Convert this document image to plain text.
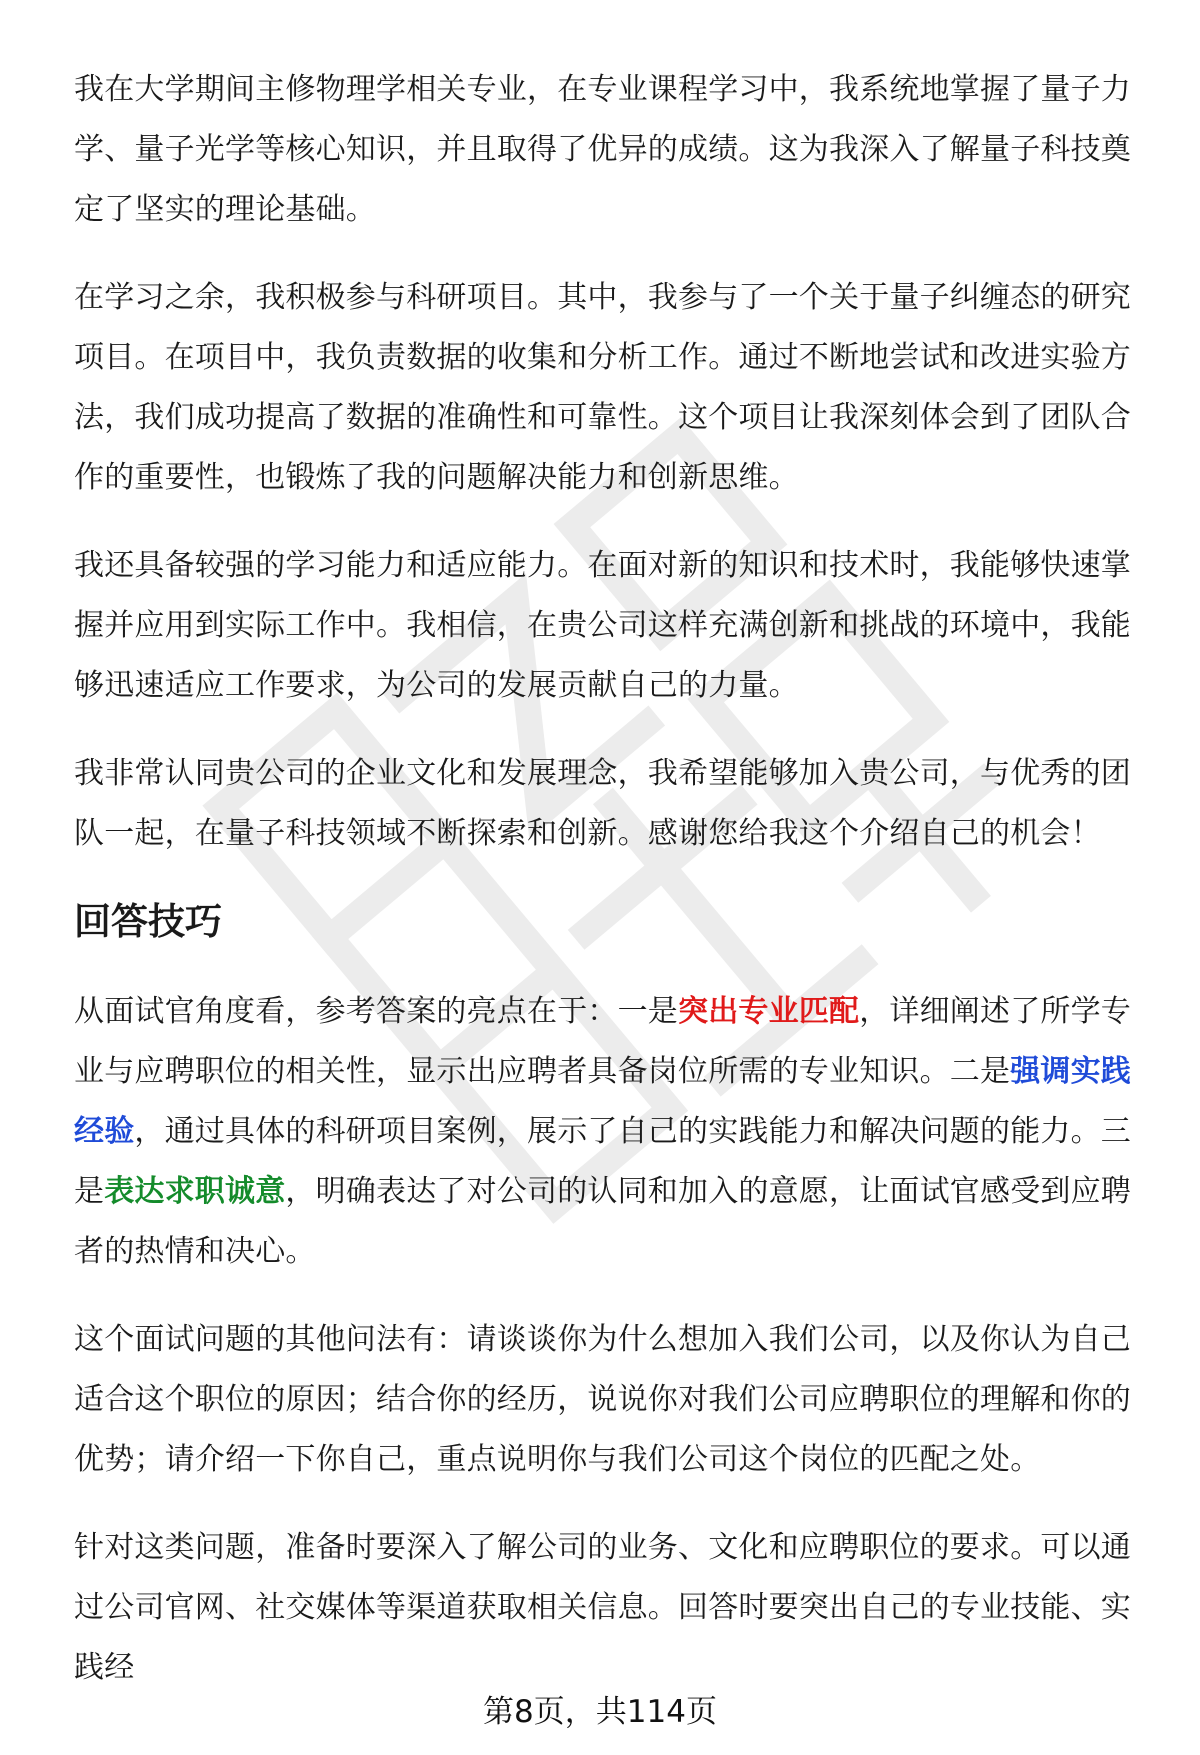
我在大学期间主修物理学相关专业，在专业课程学习中，我系统地掌握了量子力学、量子光学等核心知识，并且取得了优异的成绩。这为我深入了解量子科技奠定了坚实的理论基础。

在学习之余，我积极参与科研项目。其中，我参与了一个关于量子纠缠态的研究项目。在项目中，我负责数据的收集和分析工作。通过不断地尝试和改进实验方法，我们成功提高了数据的准确性和可靠性。这个项目让我深刻体会到了团队合作的重要性，也锻炼了我的问题解决能力和创新思维。

我还具备较强的学习能力和适应能力。在面对新的知识和技术时，我能够快速掌握并应用到实际工作中。我相信，在贵公司这样充满创新和挑战的环境中，我能够迅速适应工作要求，为公司的发展贡献自己的力量。

我非常认同贵公司的企业文化和发展理念，我希望能够加入贵公司，与优秀的团队一起，在量子科技领域不断探索和创新。感谢您给我这个介绍自己的机会！

回答技巧

从面试官角度看，参考答案的亮点在于：一是突出专业匹配，详细阐述了所学专业与应聘职位的相关性，显示出应聘者具备岗位所需的专业知识。二是强调实践经验，通过具体的科研项目案例，展示了自己的实践能力和解决问题的能力。三是表达求职诚意，明确表达了对公司的认同和加入的意愿，让面试官感受到应聘者的热情和决心。

这个面试问题的其他问法有：请谈谈你为什么想加入我们公司，以及你认为自己适合这个职位的原因；结合你的经历，说说你对我们公司应聘职位的理解和你的优势；请介绍一下你自己，重点说明你与我们公司这个岗位的匹配之处。

针对这类问题，准备时要深入了解公司的业务、文化和应聘职位的要求。可以通过公司官网、社交媒体等渠道获取相关信息。回答时要突出自己的专业技能、实践经

第8页，共114页
